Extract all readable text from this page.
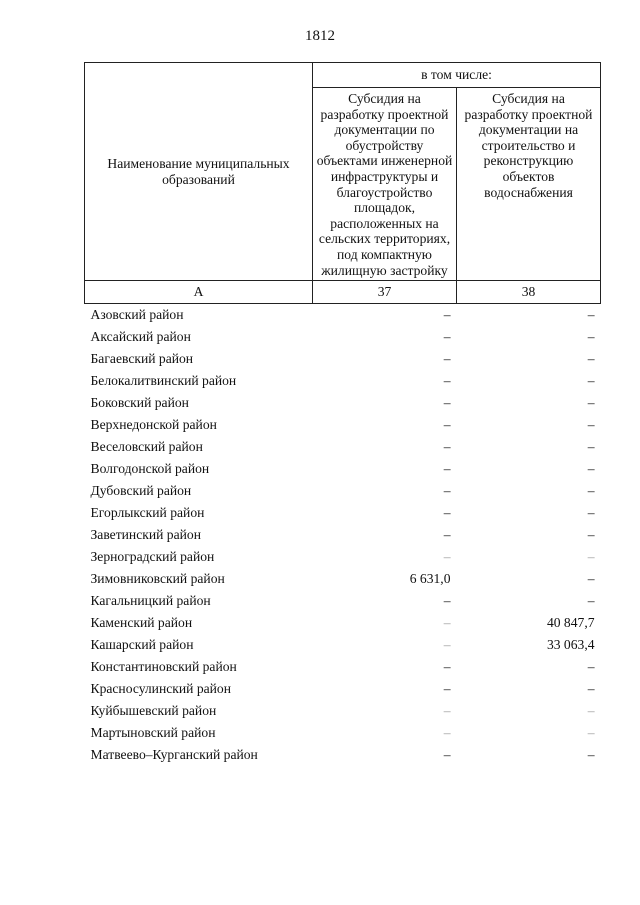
1812
Наименование муниципальных образований	в том числе:	
	Субсидия на разработку проектной документации по обустройству объектами инженерной инфраструктуры и благоустройство площадок, расположенных на сельских территориях, под компактную жилищную застройку	Субсидия на разработку проектной документации на строительство и реконструкцию объектов водоснабжения
А	37	38
Азовский район	–	–
Аксайский район	–	–
Багаевский район	–	–
Белокалитвинский район	–	–
Боковский район	–	–
Верхнедонской район	–	–
Веселовский район	–	–
Волгодонской район	–	–
Дубовский район	–	–
Егорлыкский район	–	–
Заветинский район	–	–
Зерноградский район	–	–
Зимовниковский район	6 631,0	–
Кагальницкий район	–	–
Каменский район	–	40 847,7
Кашарский район	–	33 063,4
Константиновский район	–	–
Красносулинский район	–	–
Куйбышевский район	–	–
Мартыновский район	–	–
Матвеево–Курганский район	–	–
